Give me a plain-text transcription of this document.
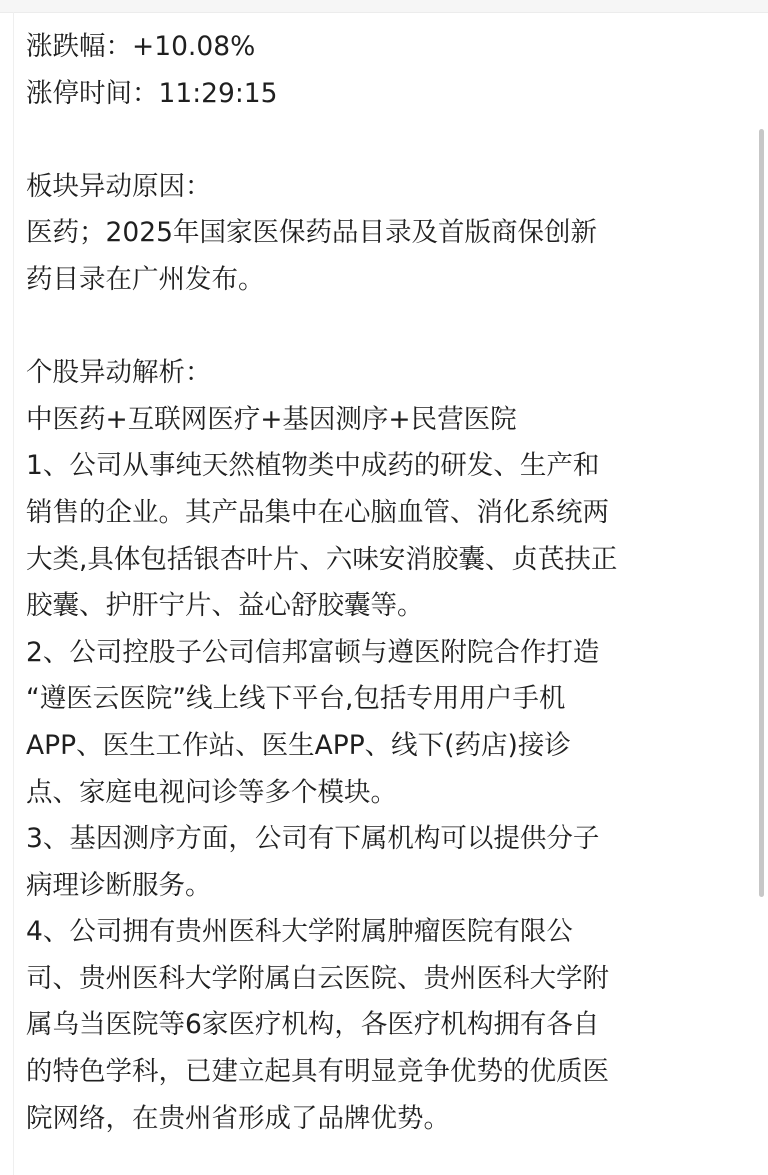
涨跌幅：+10.08%
涨停时间：11:29:15
板块异动原因：
医药；2025年国家医保药品目录及首版商保创新
药目录在广州发布。
个股异动解析：
中医药+互联网医疗+基因测序+民营医院
1、公司从事纯天然植物类中成药的研发、生产和
销售的企业。其产品集中在心脑血管、消化系统两
大类,具体包括银杏叶片、六味安消胶囊、贞芪扶正
胶囊、护肝宁片、益心舒胶囊等。
2、公司控股子公司信邦富顿与遵医附院合作打造
“遵医云医院”线上线下平台,包括专用用户手机
APP、医生工作站、医生APP、线下(药店)接诊
点、家庭电视问诊等多个模块。
3、基因测序方面，公司有下属机构可以提供分子
病理诊断服务。
4、公司拥有贵州医科大学附属肿瘤医院有限公
司、贵州医科大学附属白云医院、贵州医科大学附
属乌当医院等6家医疗机构，各医疗机构拥有各自
的特色学科，已建立起具有明显竞争优势的优质医
院网络，在贵州省形成了品牌优势。
